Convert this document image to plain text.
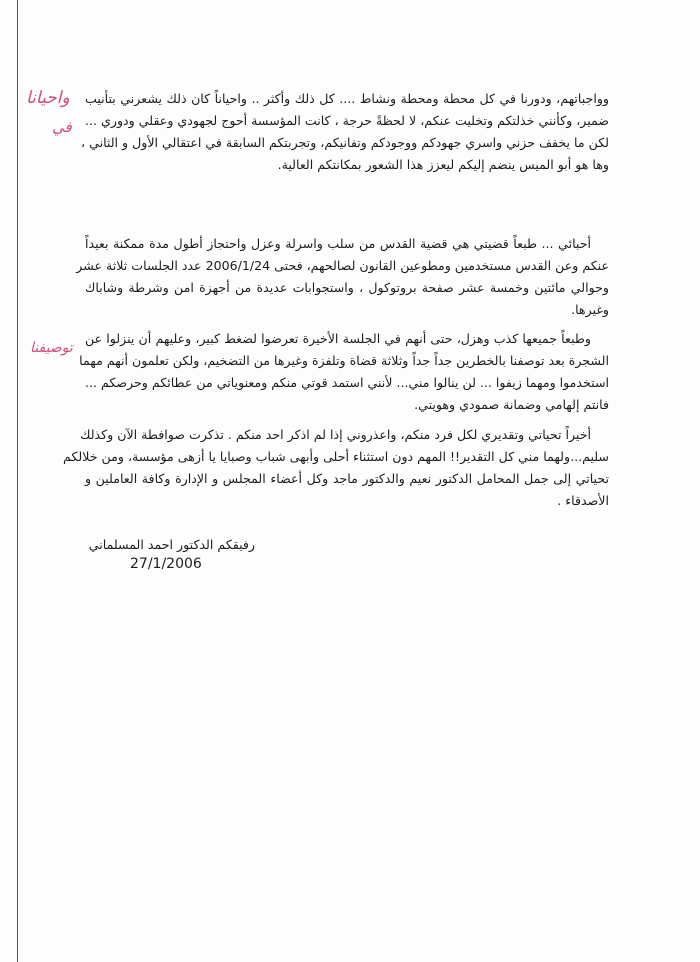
واحيانا
في
توصيفنا
وواجباتهم، ودورنا في كل محطة ومحطة ونشاط .... كل ذلك وأكثر .. واحياناً كان ذلك يشعرني بتأنيب
ضمير، وكأنني خذلتكم وتخليت عنكم، لا لحظةً حرجة ، كانت المؤسسة أحوج لجهودي وعقلي ودوري ...
لكن ما يخفف حزني واسري جهودكم ووجودكم وتفانيكم، وتجربتكم السابقة في اعتقالي الأول و الثاني ،
وها هو أبو الميس ينضم إليكم ليعزز هذا الشعور بمكانتكم العالية.
أحبائي ... طبعاً قضيتي هي قضية القدس من سلب واسرلة وعزل واحتجاز أطول مدة ممكنة بعيداً
عنكم وعن القدس مستخدمين ومطوعين القانون لصالحهم، فحتى 2006/1/24 عدد الجلسات ثلاثة عشر
وحوالي مائتين وخمسة عشر صفحة بروتوكول ، واستجوابات عديدة من أجهزة امن وشرطة وشاباك
وغيرها.
وطبعاً جميعها كذب وهزل، حتى أنهم في الجلسة الأخيرة تعرضوا لضغط كبير، وعليهم أن ينزلوا عن
الشجرة بعد توصفنا بالخطرين جداً جداً وثلاثة قضاة وتلفزة وغيرها من التضخيم، ولكن تعلمون أنهم مهما
استخدموا ومهما زيفوا ... لن ينالوا مني... لأنني استمد قوتي منكم ومعنوياتي من عطائكم وحرصكم ...
فانتم إلهامي وضمانة صمودي وهويتي.
أخيراً تحياتي وتقديري لكل فرد منكم، واعذروني إذا لم اذكر احد منكم . تذكرت صوافطة الآن وكذلك
سليم...ولهما مني كل التقدير!! المهم دون استثناء أحلى وأبهى شباب وصبايا يا أزهى مؤسسة، ومن خلالكم
تحياتي إلى جمل المحامل الدكتور نعيم والدكتور ماجد وكل أعضاء المجلس و الإدارة وكافة العاملين و
الأصدقاء .
رفيقكم الدكتور احمد المسلماني
27/1/2006
